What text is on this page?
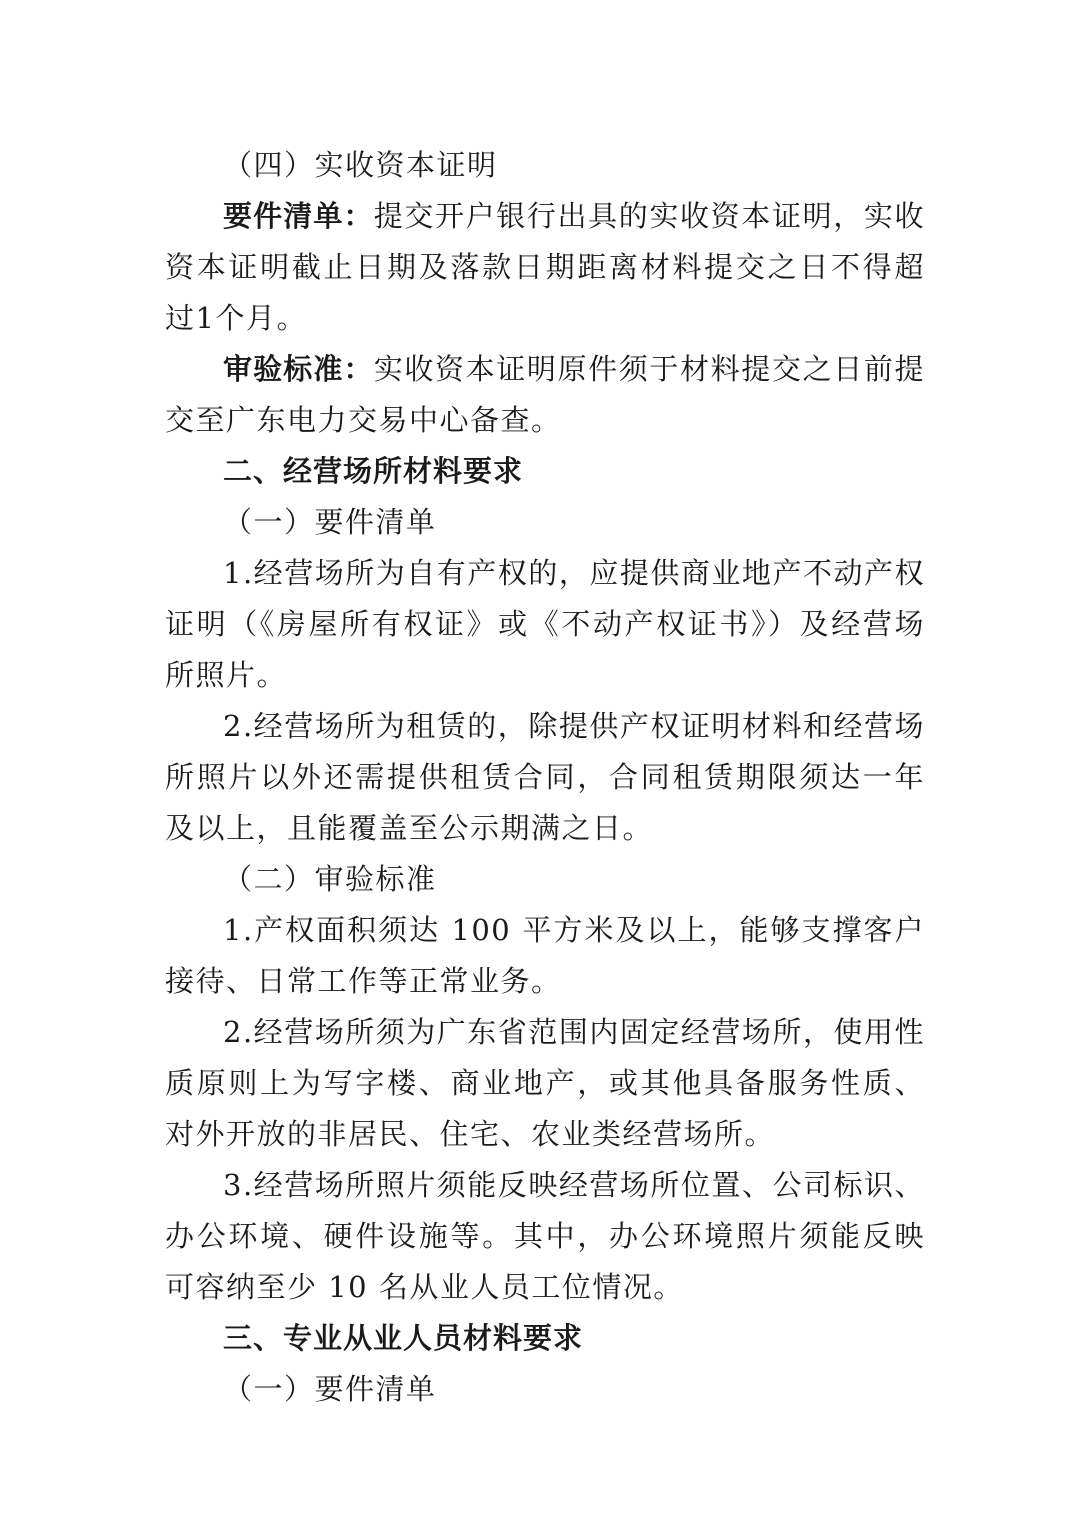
（四）实收资本证明

要件清单：提交开户银行出具的实收资本证明，实收资本证明截止日期及落款日期距离材料提交之日不得超过1个月。

审验标准：实收资本证明原件须于材料提交之日前提交至广东电力交易中心备查。

二、经营场所材料要求

（一）要件清单

1.经营场所为自有产权的，应提供商业地产不动产权证明（《房屋所有权证》或《不动产权证书》）及经营场所照片。

2.经营场所为租赁的，除提供产权证明材料和经营场所照片以外还需提供租赁合同，合同租赁期限须达一年及以上，且能覆盖至公示期满之日。

（二）审验标准

1.产权面积须达 100 平方米及以上，能够支撑客户接待、日常工作等正常业务。

2.经营场所须为广东省范围内固定经营场所，使用性质原则上为写字楼、商业地产，或其他具备服务性质、对外开放的非居民、住宅、农业类经营场所。

3.经营场所照片须能反映经营场所位置、公司标识、办公环境、硬件设施等。其中，办公环境照片须能反映可容纳至少 10 名从业人员工位情况。

三、专业从业人员材料要求

（一）要件清单
